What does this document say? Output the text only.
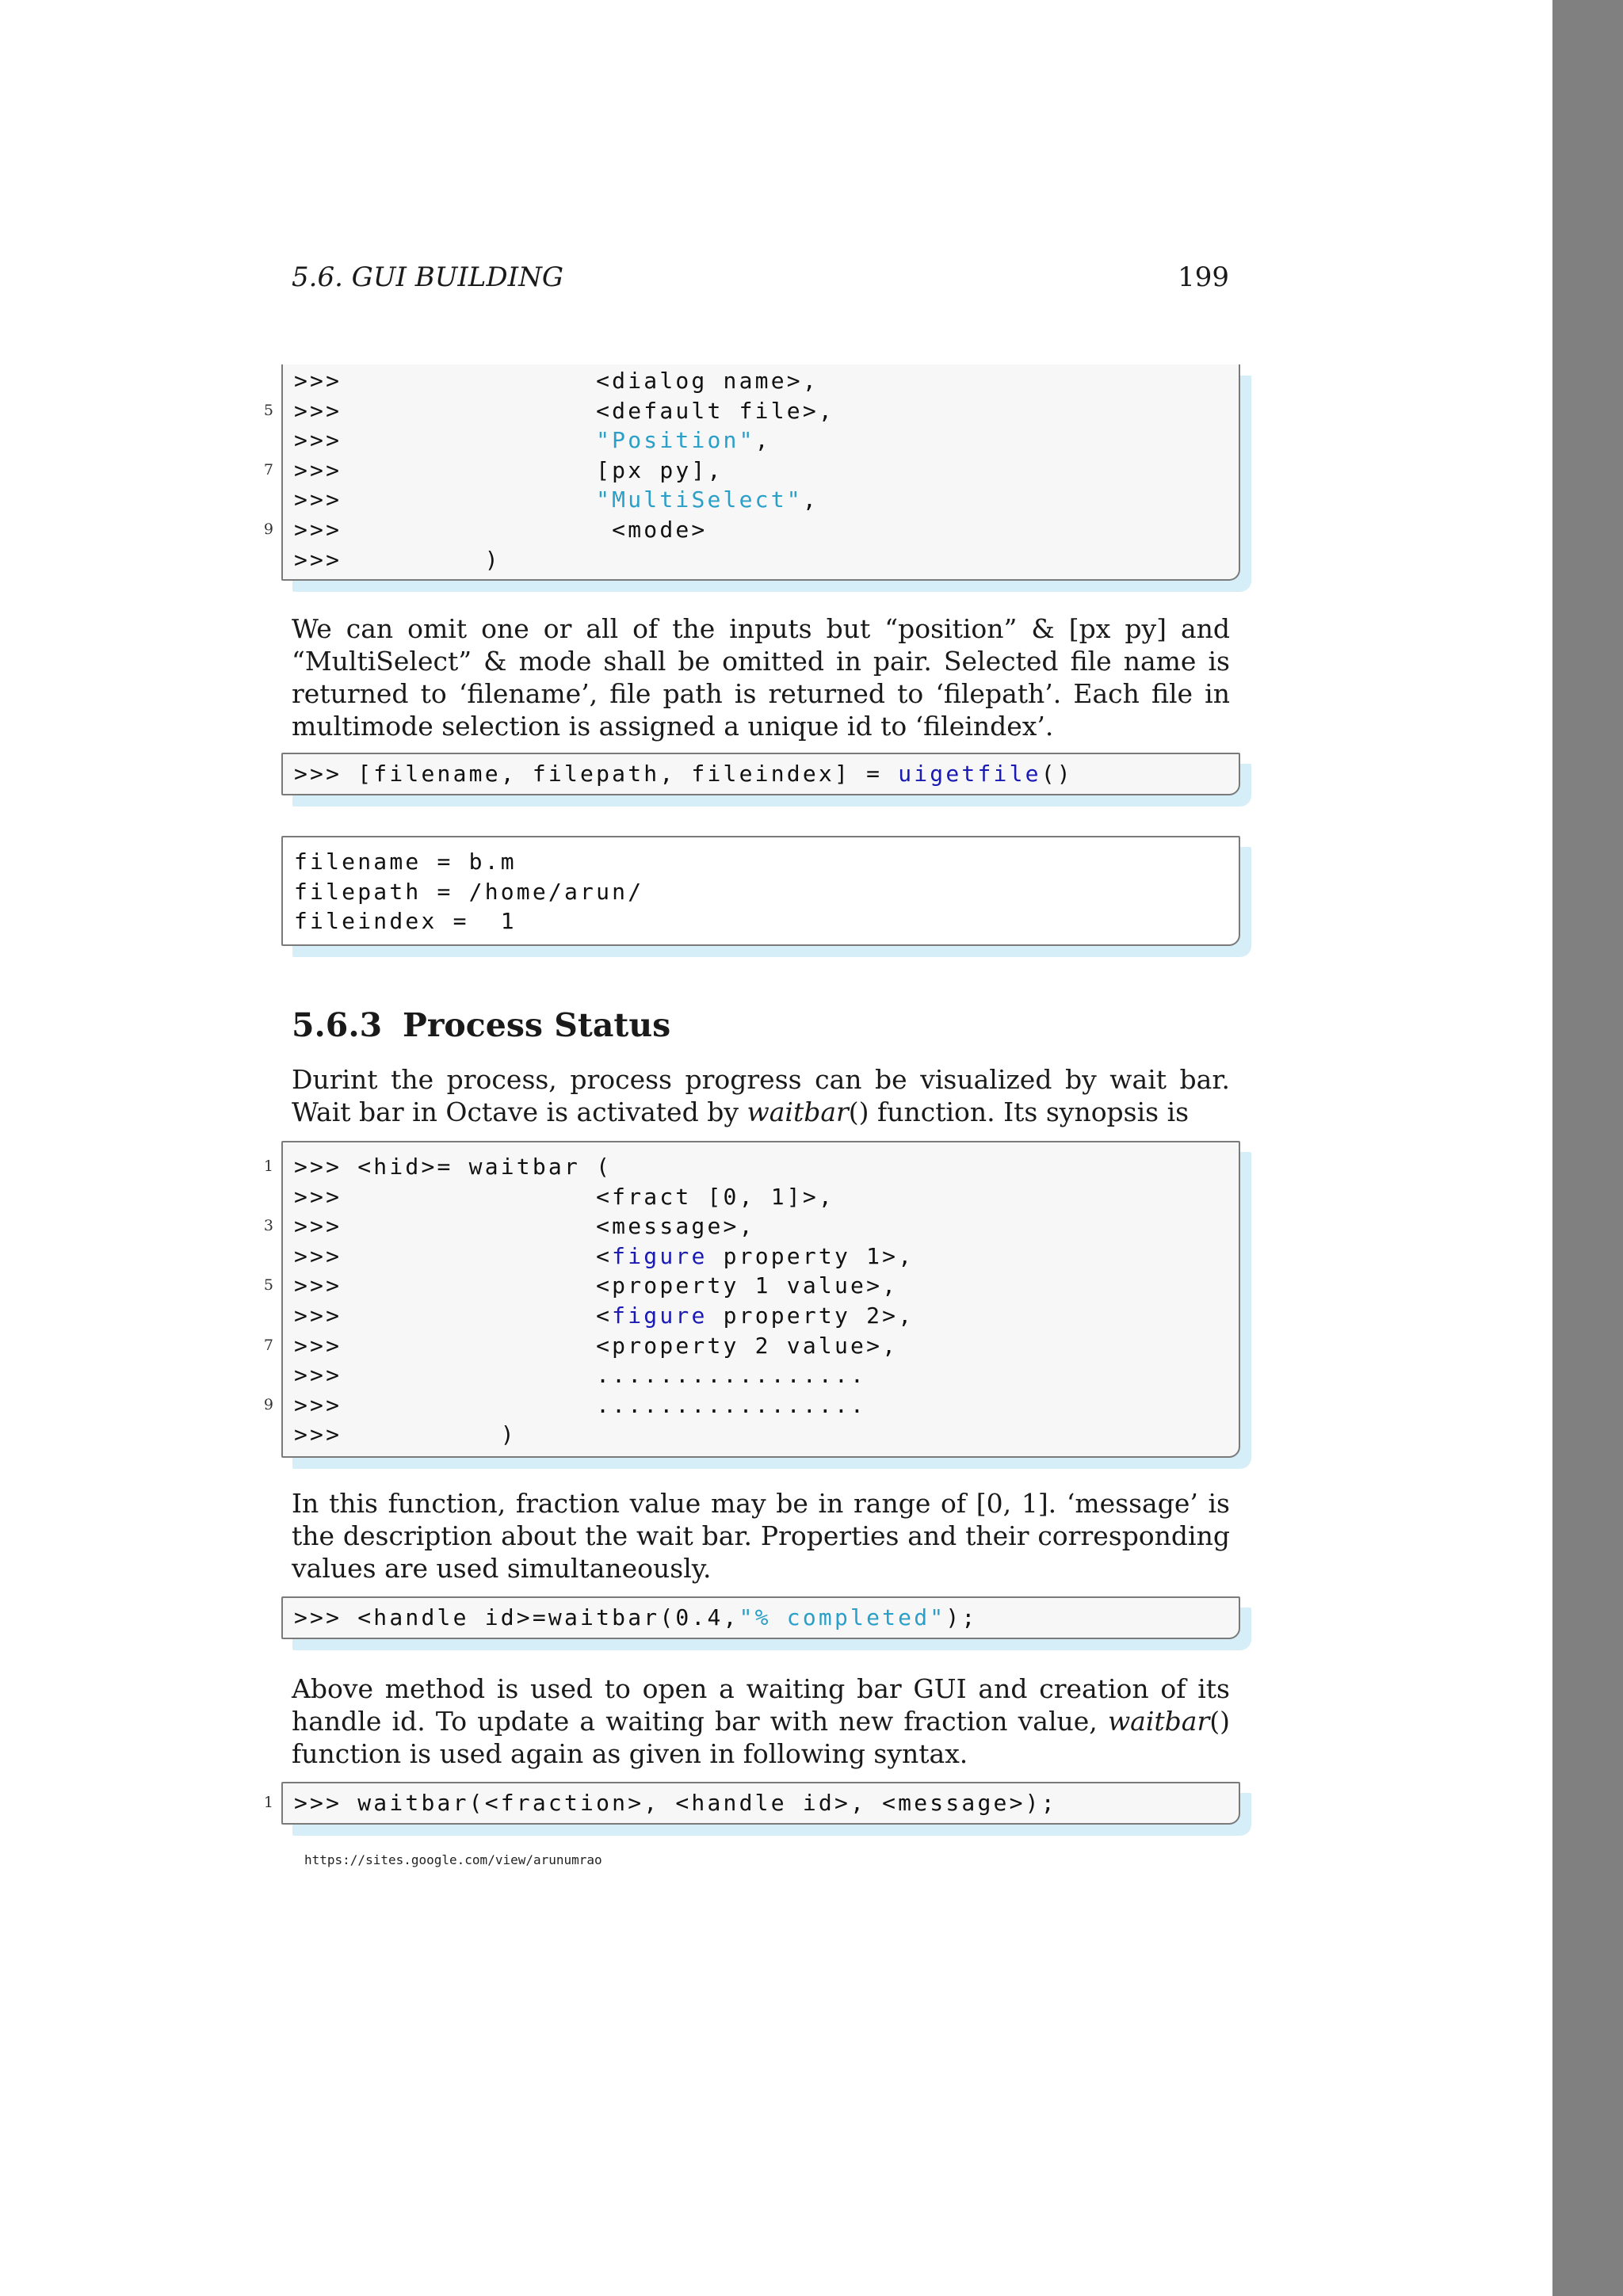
5.6. GUI BUILDING	199
>>>                <dialog name>,
5 >>>                <default file>,
>>>                "Position",
7 >>>                [px py],
>>>                "MultiSelect",
9 >>>                 <mode>
>>>         )

We can omit one or all of the inputs but “position” & [px py] and “MultiSelect” & mode shall be omitted in pair. Selected file name is returned to ‘filename’, file path is returned to ‘filepath’. Each file in multimode selection is assigned a unique id to ‘fileindex’.

>>> [filename, filepath, fileindex] = uigetfile()
filename = b.m
filepath = /home/arun/
fileindex =  1
5.6.3 Process Status

Durint the process, process progress can be visualized by wait bar. Wait bar in Octave is activated by waitbar() function. Its synopsis is

1 >>> <hid>= waitbar (
>>>                <fract [0, 1]>,
3 >>>                <message>,
>>>                <figure property 1>,
5 >>>                <property 1 value>,
>>>                <figure property 2>,
7 >>>                <property 2 value>,
>>>                .................
9 >>>                .................
>>>          )

In this function, fraction value may be in range of [0, 1]. ‘message’ is the description about the wait bar. Properties and their corresponding values are used simultaneously.

>>> <handle id>=waitbar(0.4,"% completed");

Above method is used to open a waiting bar GUI and creation of its handle id. To update a waiting bar with new fraction value, waitbar() function is used again as given in following syntax.

1 >>> waitbar(<fraction>, <handle id>, <message>);
https://sites.google.com/view/arunumrao
